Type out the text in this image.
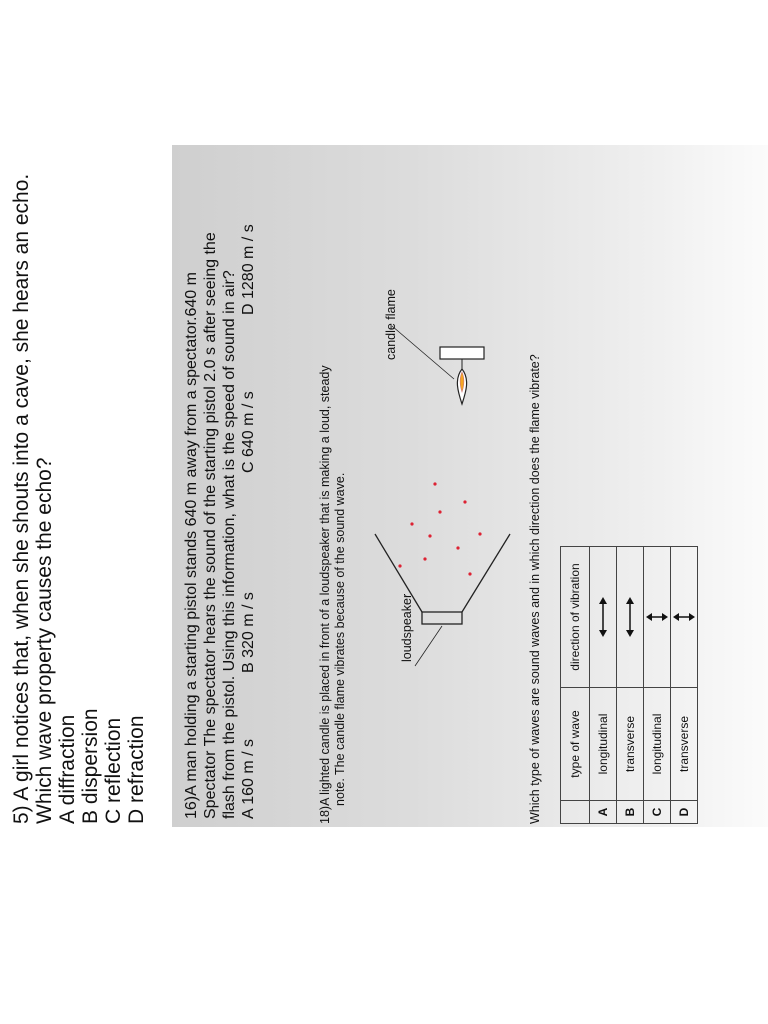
5) A girl notices that, when she shouts into a cave, she hears an echo. Which wave property causes the echo? A diffraction B dispersion C reflection D refraction 16)A man holding a starting pistol stands 640 m away from a spectator.640 m Spectator The spectator hears the sound of the starting pistol 2.0 s after seeing the flash from the pistol. Using this information, what is the speed of sound in air? A 160 m / s
B 320 m / s
C 640 m / s
D 1280 m / s
18)A lighted candle is placed in front of a loudspeaker that is making a loud, steady note. The candle flame vibrates because of the sound wave.	loudspeaker
candle flame
Which type of waves are sound waves and in which direction does the flame vibrate?
	type of wave	direction of vibration
A	longitudinal	

B	transverse	

C	longitudinal	

D	transverse	
